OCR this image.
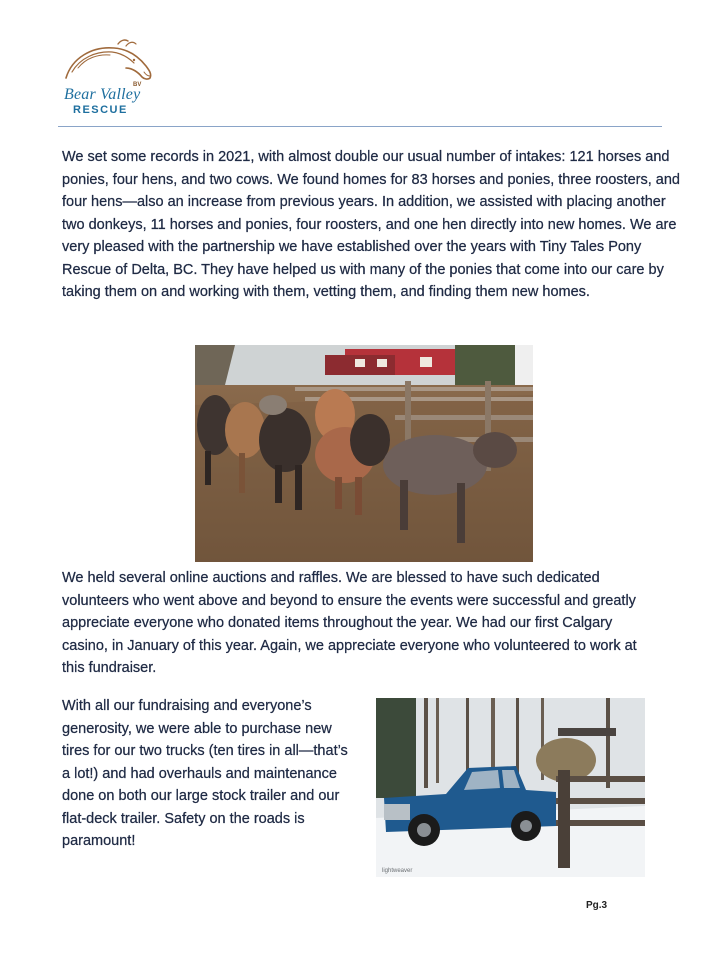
BV
Bear Valley
RESCUE

We set some records in 2021, with almost double our usual number of intakes: 121 horses and ponies, four hens, and two cows. We found homes for 83 horses and ponies, three roosters, and four hens—also an increase from previous years. In addition, we assisted with placing another two donkeys, 11 horses and ponies, four roosters, and one hen directly into new homes. We are very pleased with the partnership we have established over the years with Tiny Tales Pony Rescue of Delta, BC. They have helped us with many of the ponies that come into our care by taking them on and working with them, vetting them, and finding them new homes.

We held several online auctions and raffles. We are blessed to have such dedicated volunteers who went above and beyond to ensure the events were successful and greatly appreciate everyone who donated items throughout the year. We had our first Calgary casino, in January of this year. Again, we appreciate everyone who volunteered to work at this fundraiser.

With all our fundraising and everyone’s generosity, we were able to purchase new tires for our two trucks (ten tires in all—that’s a lot!) and had overhauls and maintenance done on both our large stock trailer and our flat-deck trailer. Safety on the roads is paramount!

lightweaver
Pg.3
